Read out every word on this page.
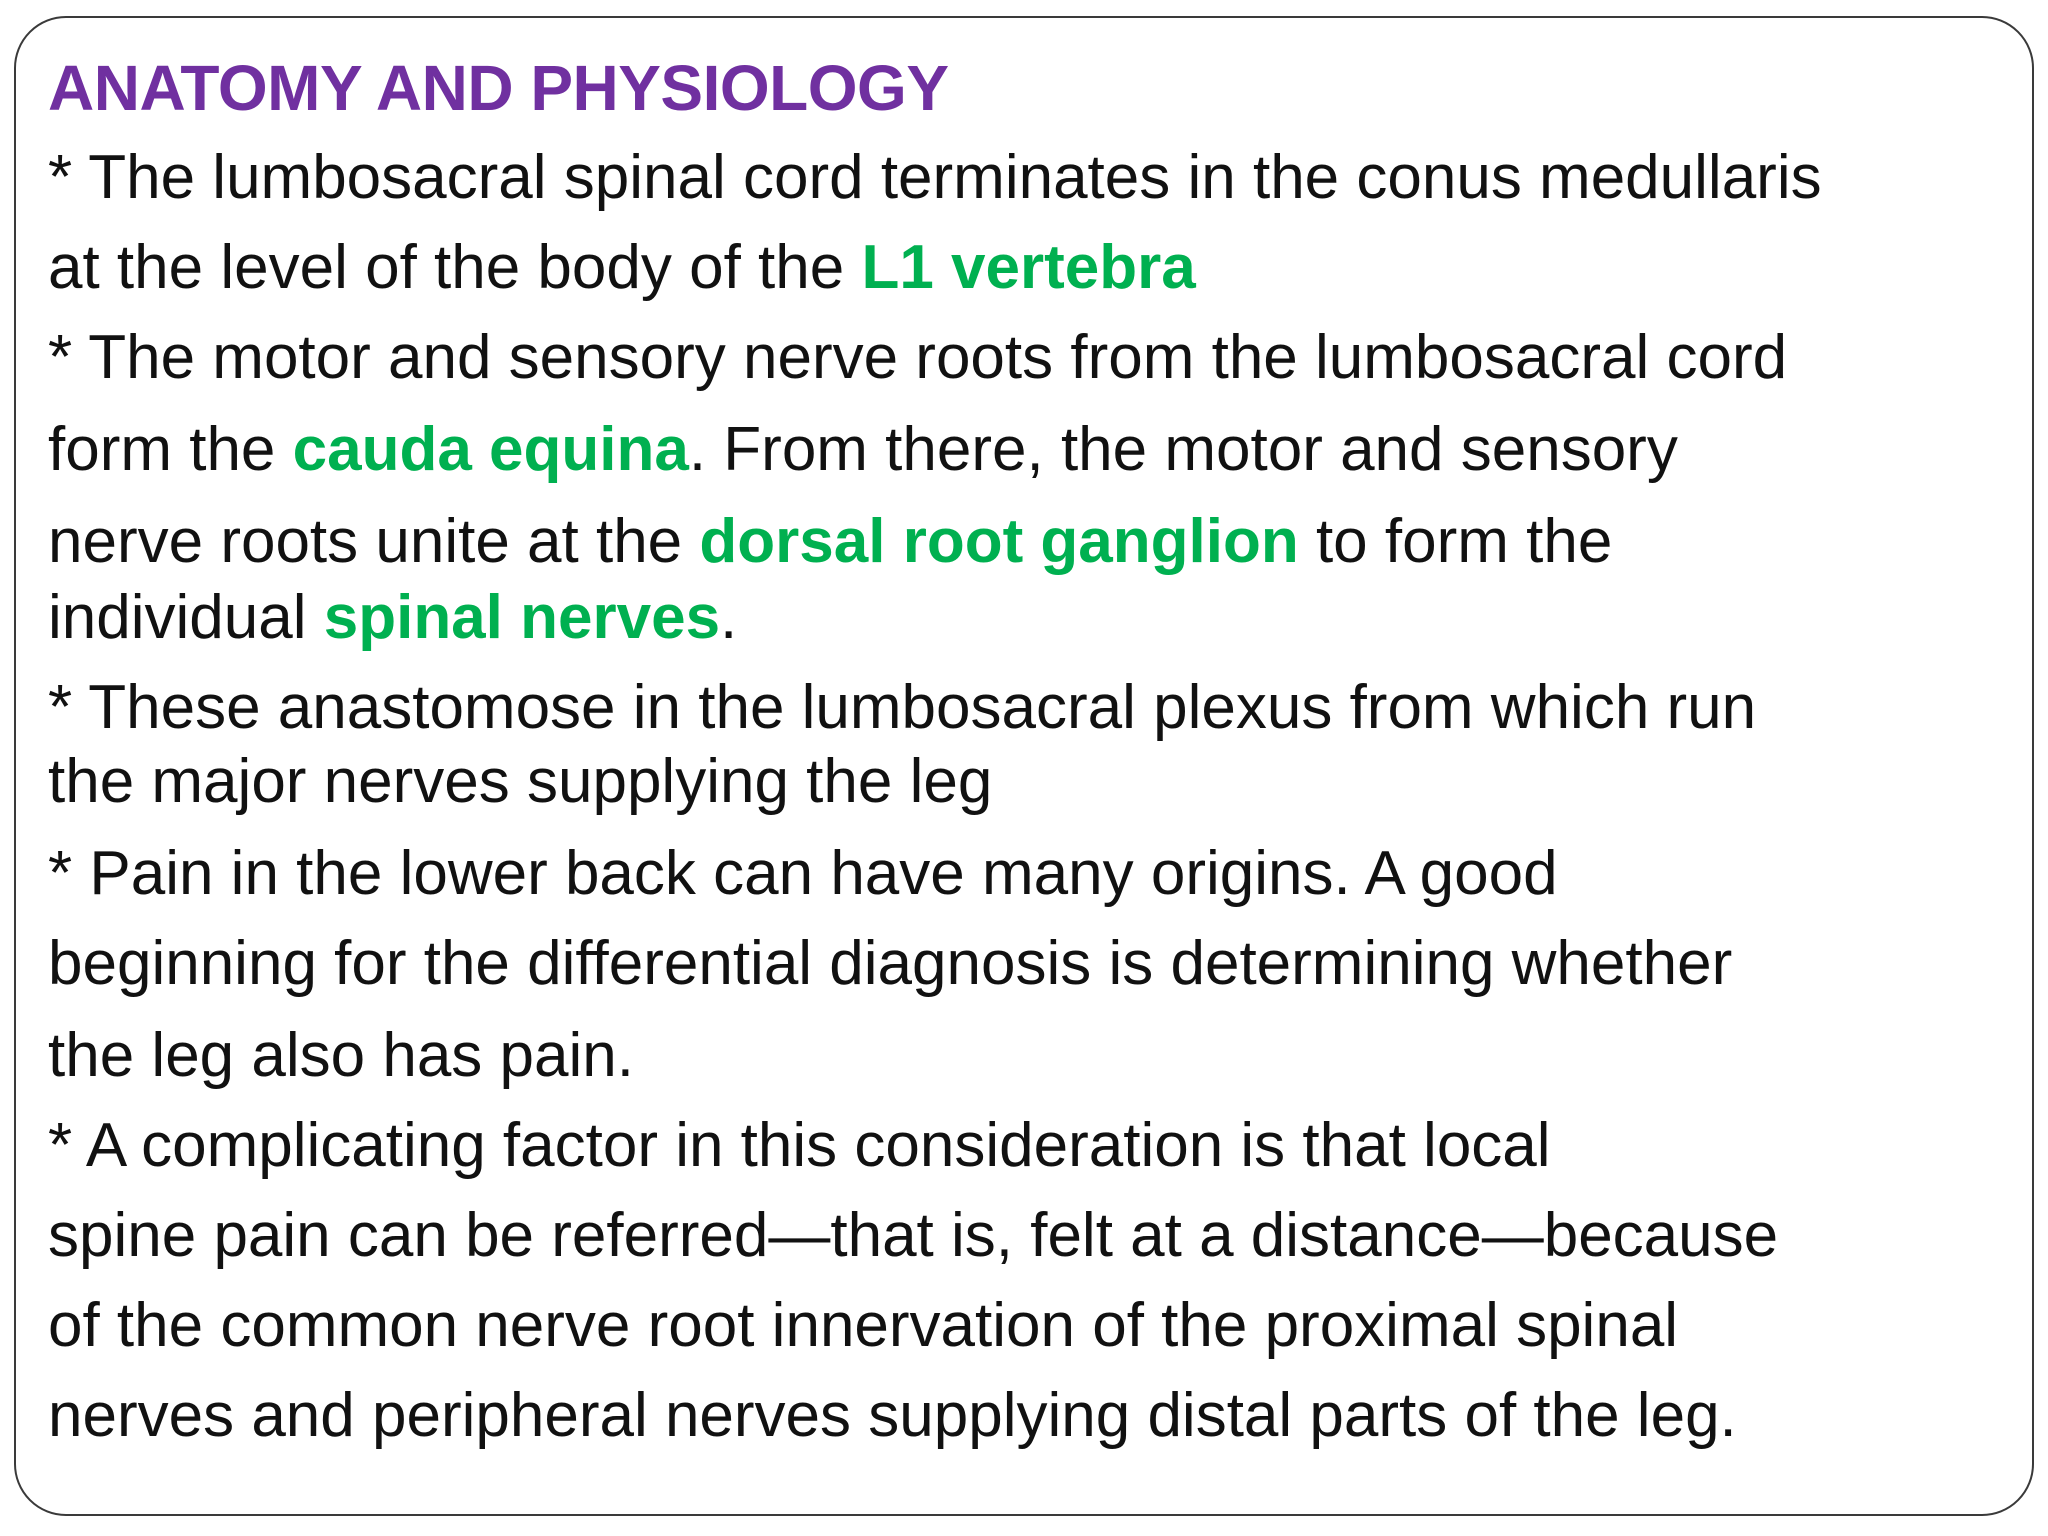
ANATOMY AND PHYSIOLOGY
* The lumbosacral spinal cord terminates in the conus medullaris
at the level of the body of the L1 vertebra
* The motor and sensory nerve roots from the lumbosacral cord
form the cauda equina. From there, the motor and sensory
nerve roots unite at the dorsal root ganglion to form the
individual spinal nerves.
* These anastomose in the lumbosacral plexus from which run
the major nerves supplying the leg
* Pain in the lower back can have many origins. A good
beginning for the differential diagnosis is determining whether
the leg also has pain.
* A complicating factor in this consideration is that local
spine pain can be referred—that is, felt at a distance—because
of the common nerve root innervation of the proximal spinal
nerves and peripheral nerves supplying distal parts of the leg.
